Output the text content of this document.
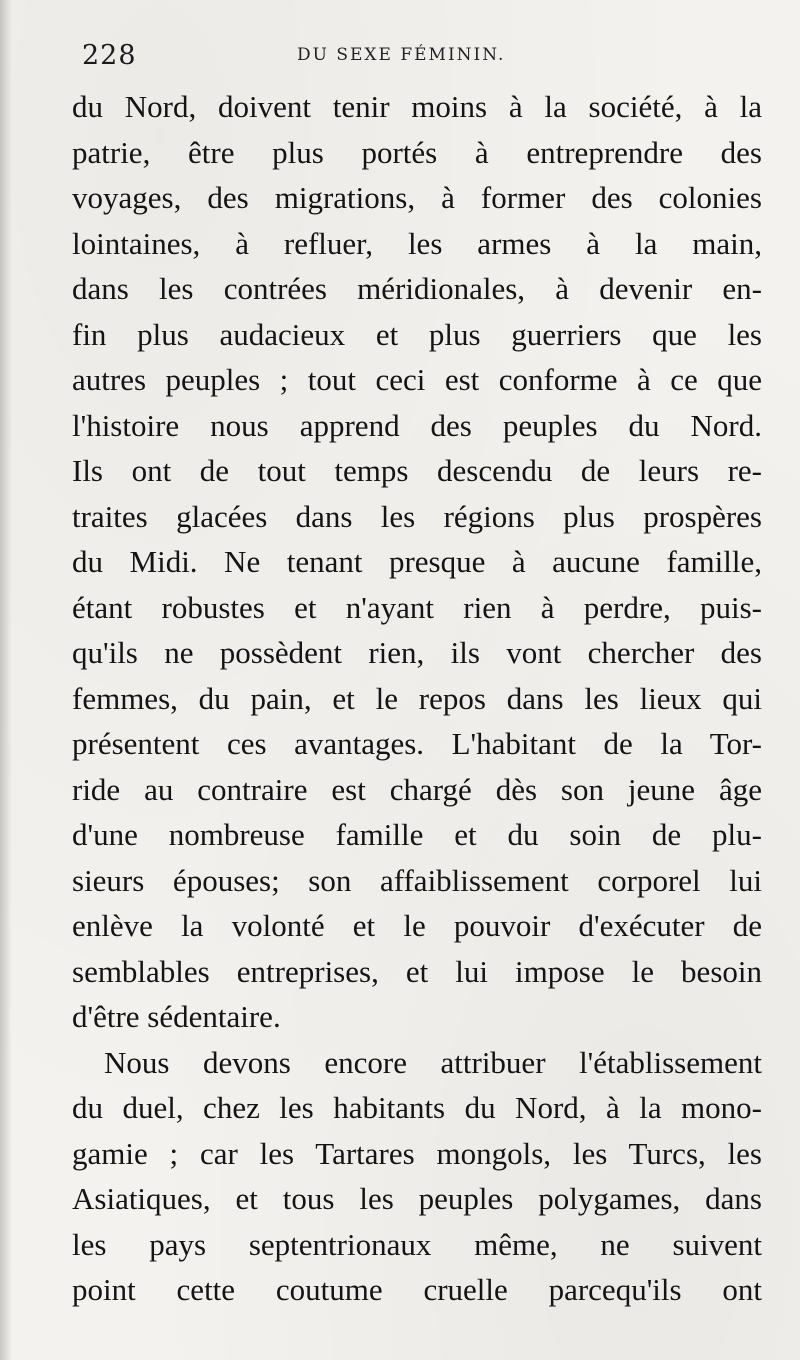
228	DU SEXE FÉMININ.
du Nord, doivent tenir moins à la société, à la
patrie, être plus portés à entreprendre des
voyages, des migrations, à former des colonies
lointaines, à refluer, les armes à la main,
dans les contrées méridionales, à devenir en-
fin plus audacieux et plus guerriers que les
autres peuples ; tout ceci est conforme à ce que
l'histoire nous apprend des peuples du Nord.
Ils ont de tout temps descendu de leurs re-
traites glacées dans les régions plus prospères
du Midi. Ne tenant presque à aucune famille,
étant robustes et n'ayant rien à perdre, puis-
qu'ils ne possèdent rien, ils vont chercher des
femmes, du pain, et le repos dans les lieux qui
présentent ces avantages. L'habitant de la Tor-
ride au contraire est chargé dès son jeune âge
d'une nombreuse famille et du soin de plu-
sieurs épouses; son affaiblissement corporel lui
enlève la volonté et le pouvoir d'exécuter de
semblables entreprises, et lui impose le besoin
d'être sédentaire.
Nous devons encore attribuer l'établissement
du duel, chez les habitants du Nord, à la mono-
gamie ; car les Tartares mongols, les Turcs, les
Asiatiques, et tous les peuples polygames, dans
les pays septentrionaux même, ne suivent
point cette coutume cruelle parcequ'ils ont
